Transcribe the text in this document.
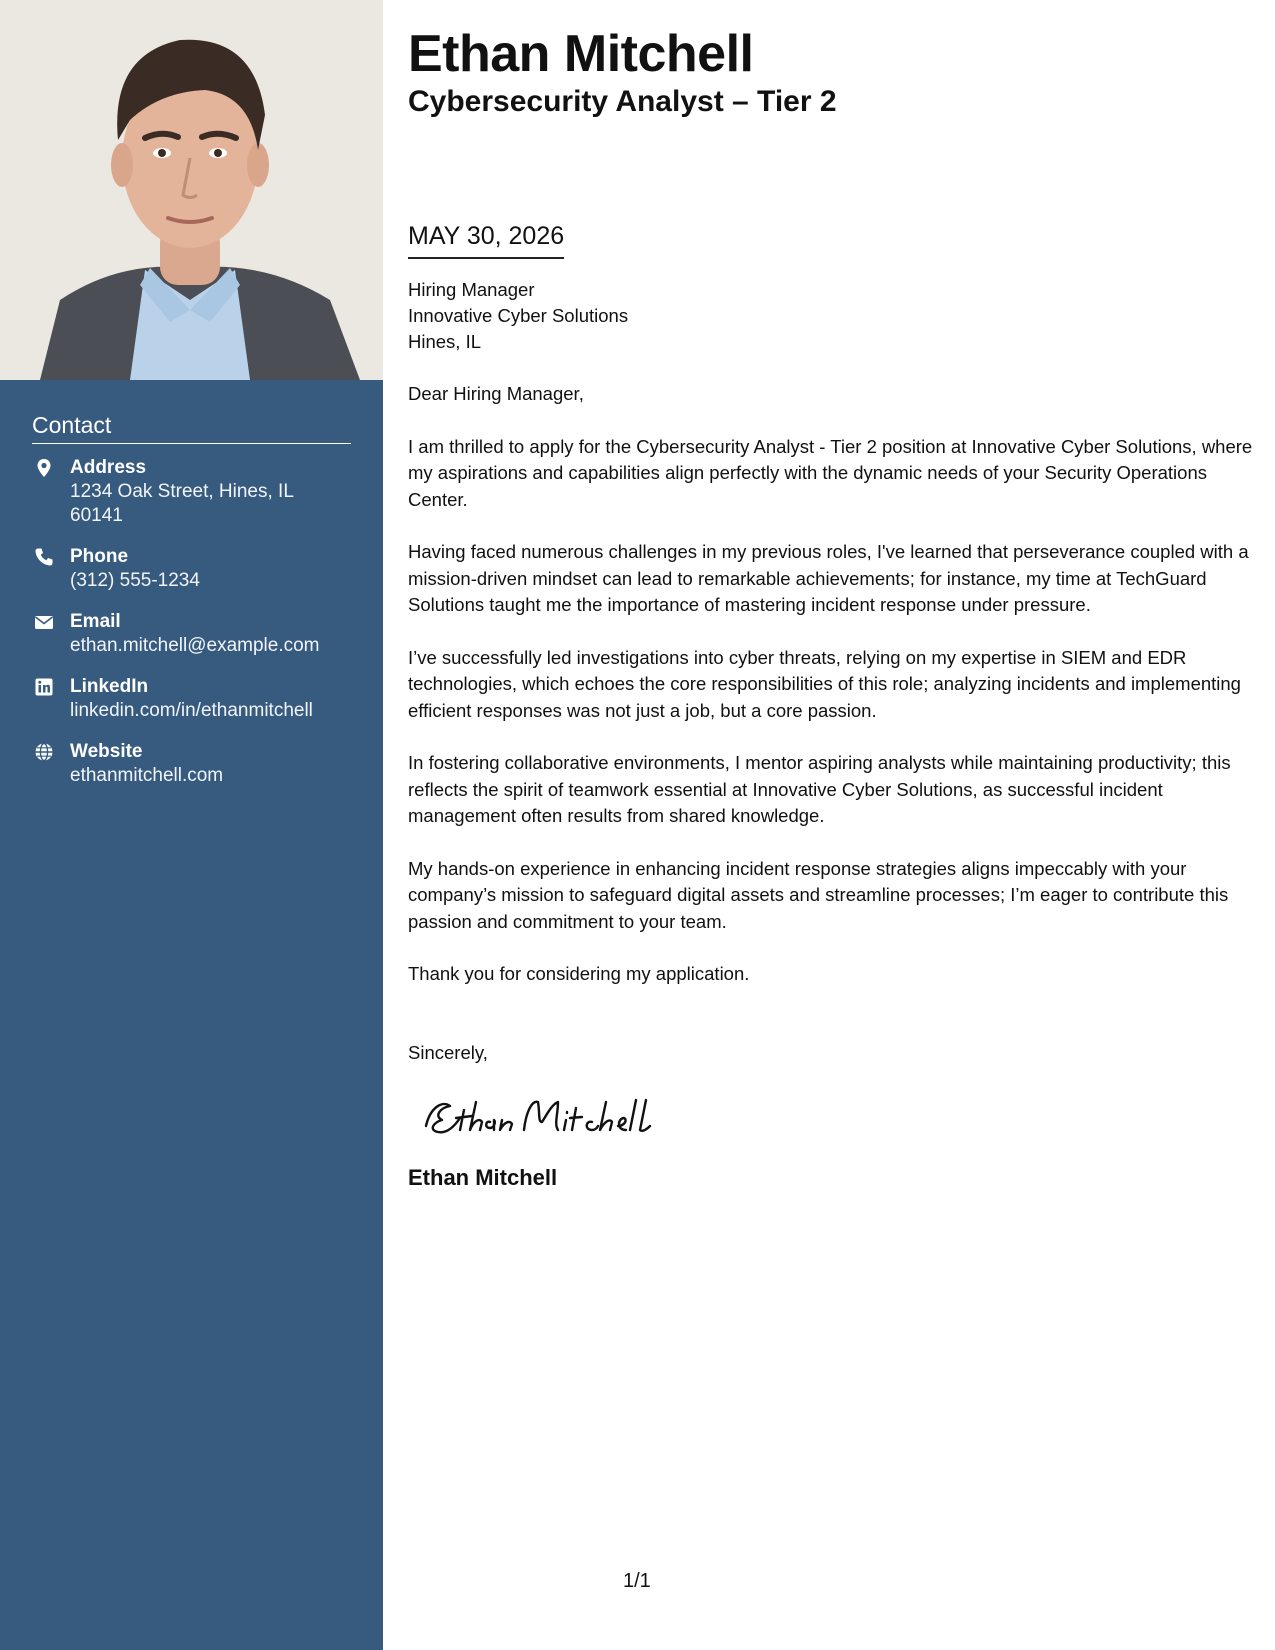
Contact
Address
1234 Oak Street, Hines, IL 60141
Phone
(312) 555-1234
Email
ethan.mitchell@example.com
LinkedIn
linkedin.com/in/ethanmitchell
Website
ethanmitchell.com
Ethan Mitchell
Cybersecurity Analyst – Tier 2
MAY 30, 2026
Hiring Manager
Innovative Cyber Solutions
Hines, IL

Dear Hiring Manager,

I am thrilled to apply for the Cybersecurity Analyst - Tier 2 position at Innovative Cyber Solutions, where my aspirations and capabilities align perfectly with the dynamic needs of your Security Operations Center.

Having faced numerous challenges in my previous roles, I've learned that perseverance coupled with a mission-driven mindset can lead to remarkable achievements; for instance, my time at TechGuard Solutions taught me the importance of mastering incident response under pressure.

I’ve successfully led investigations into cyber threats, relying on my expertise in SIEM and EDR technologies, which echoes the core responsibilities of this role; analyzing incidents and implementing efficient responses was not just a job, but a core passion.

In fostering collaborative environments, I mentor aspiring analysts while maintaining productivity; this reflects the spirit of teamwork essential at Innovative Cyber Solutions, as successful incident management often results from shared knowledge.

My hands-on experience in enhancing incident response strategies aligns impeccably with your company’s mission to safeguard digital assets and streamline processes; I’m eager to contribute this passion and commitment to your team.

Thank you for considering my application.

Sincerely,

Ethan Mitchell
1/1
